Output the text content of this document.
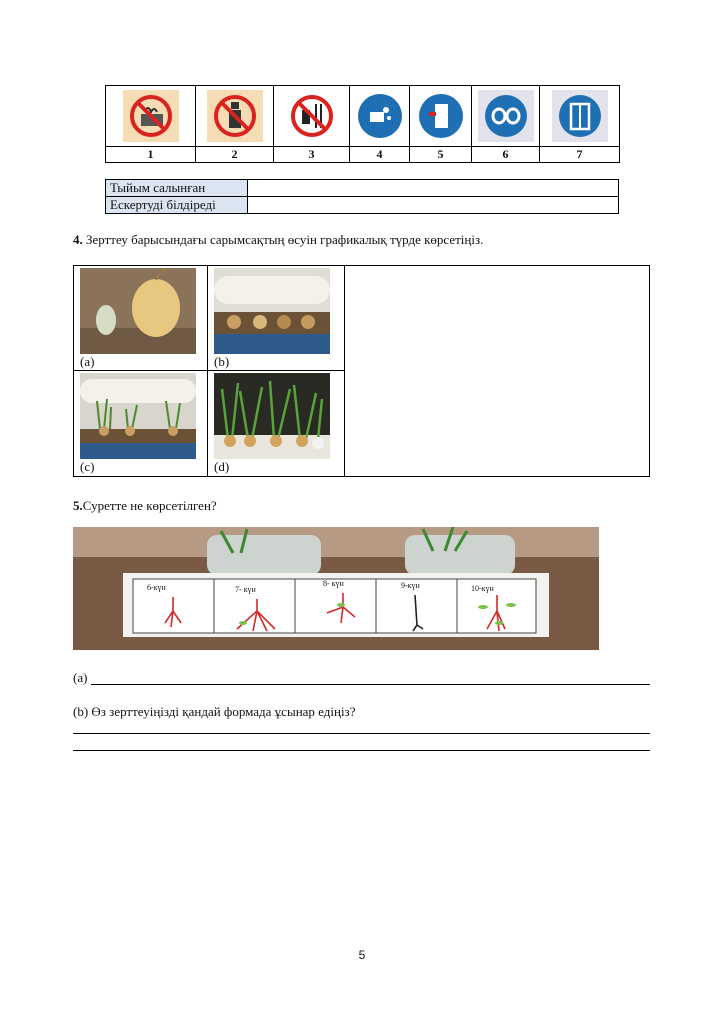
1	2	3	4	5	6	7
Тыйым салынған	
Ескертуді білдіреді	
4. Зерттеу барысындағы сарымсақтың өсуін графикалық түрде көрсетіңіз.
(a)	(b)
(c)	(d)
5.Суретте не көрсетілген?
6-күн	7- күн
8- күн	9-күн	10-күн
(a)
(b) Өз зерттеуіңізді қандай формада ұсынар едіңіз?
5
